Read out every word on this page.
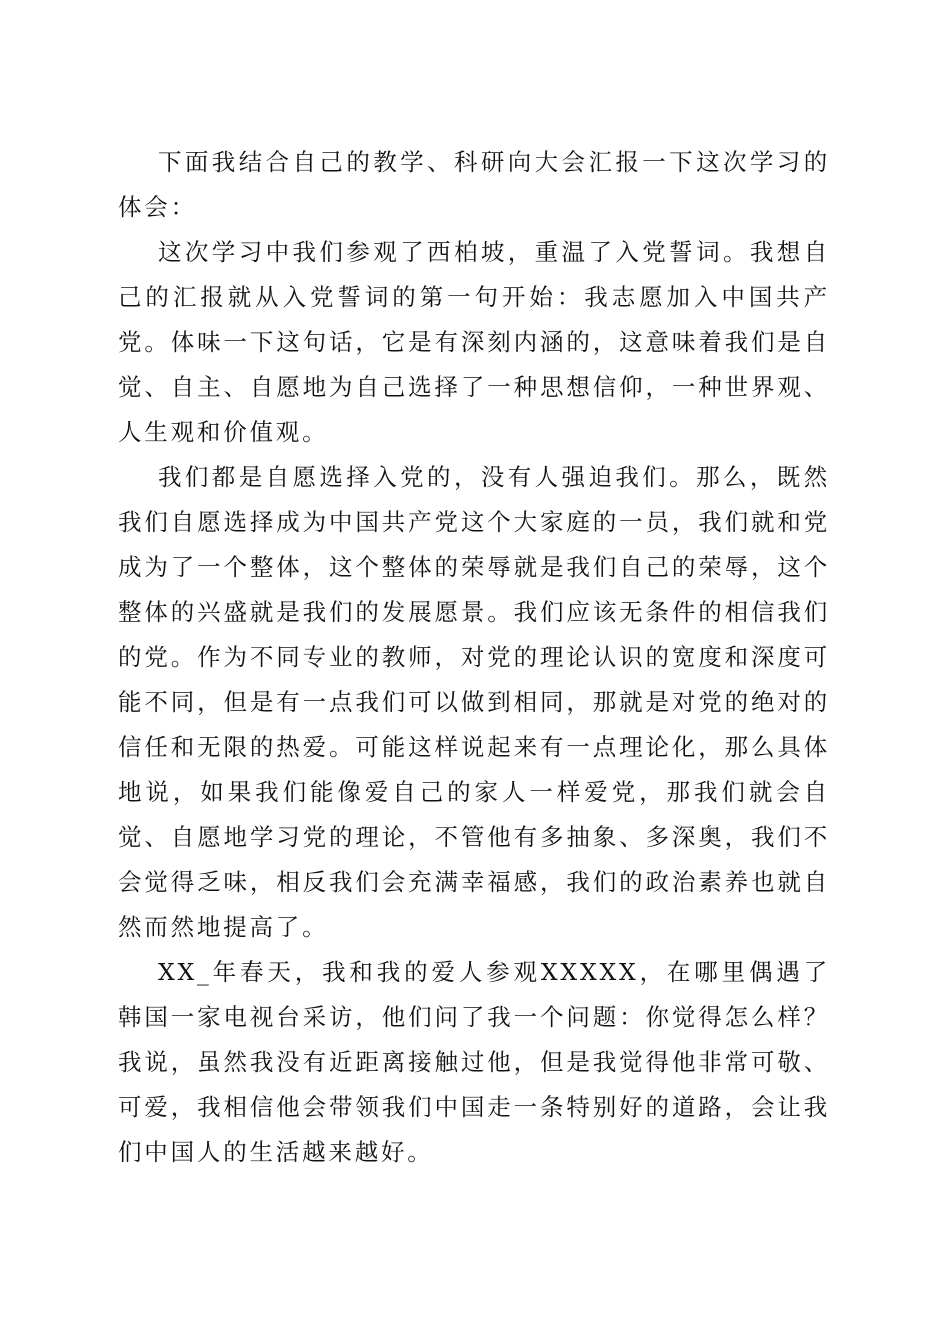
下面我结合自己的教学、科研向大会汇报一下这次学习的体会：

这次学习中我们参观了西柏坡，重温了入党誓词。我想自己的汇报就从入党誓词的第一句开始：我志愿加入中国共产党。体味一下这句话，它是有深刻内涵的，这意味着我们是自觉、自主、自愿地为自己选择了一种思想信仰，一种世界观、人生观和价值观。

我们都是自愿选择入党的，没有人强迫我们。那么，既然我们自愿选择成为中国共产党这个大家庭的一员，我们就和党成为了一个整体，这个整体的荣辱就是我们自己的荣辱，这个整体的兴盛就是我们的发展愿景。我们应该无条件的相信我们的党。作为不同专业的教师，对党的理论认识的宽度和深度可能不同，但是有一点我们可以做到相同，那就是对党的绝对的信任和无限的热爱。可能这样说起来有一点理论化，那么具体地说，如果我们能像爱自己的家人一样爱党，那我们就会自觉、自愿地学习党的理论，不管他有多抽象、多深奥，我们不会觉得乏味，相反我们会充满幸福感，我们的政治素养也就自然而然地提高了。

XX_年春天，我和我的爱人参观XXXXX，在哪里偶遇了韩国一家电视台采访，他们问了我一个问题：你觉得怎么样？我说，虽然我没有近距离接触过他，但是我觉得他非常可敬、可爱，我相信他会带领我们中国走一条特别好的道路，会让我们中国人的生活越来越好。
